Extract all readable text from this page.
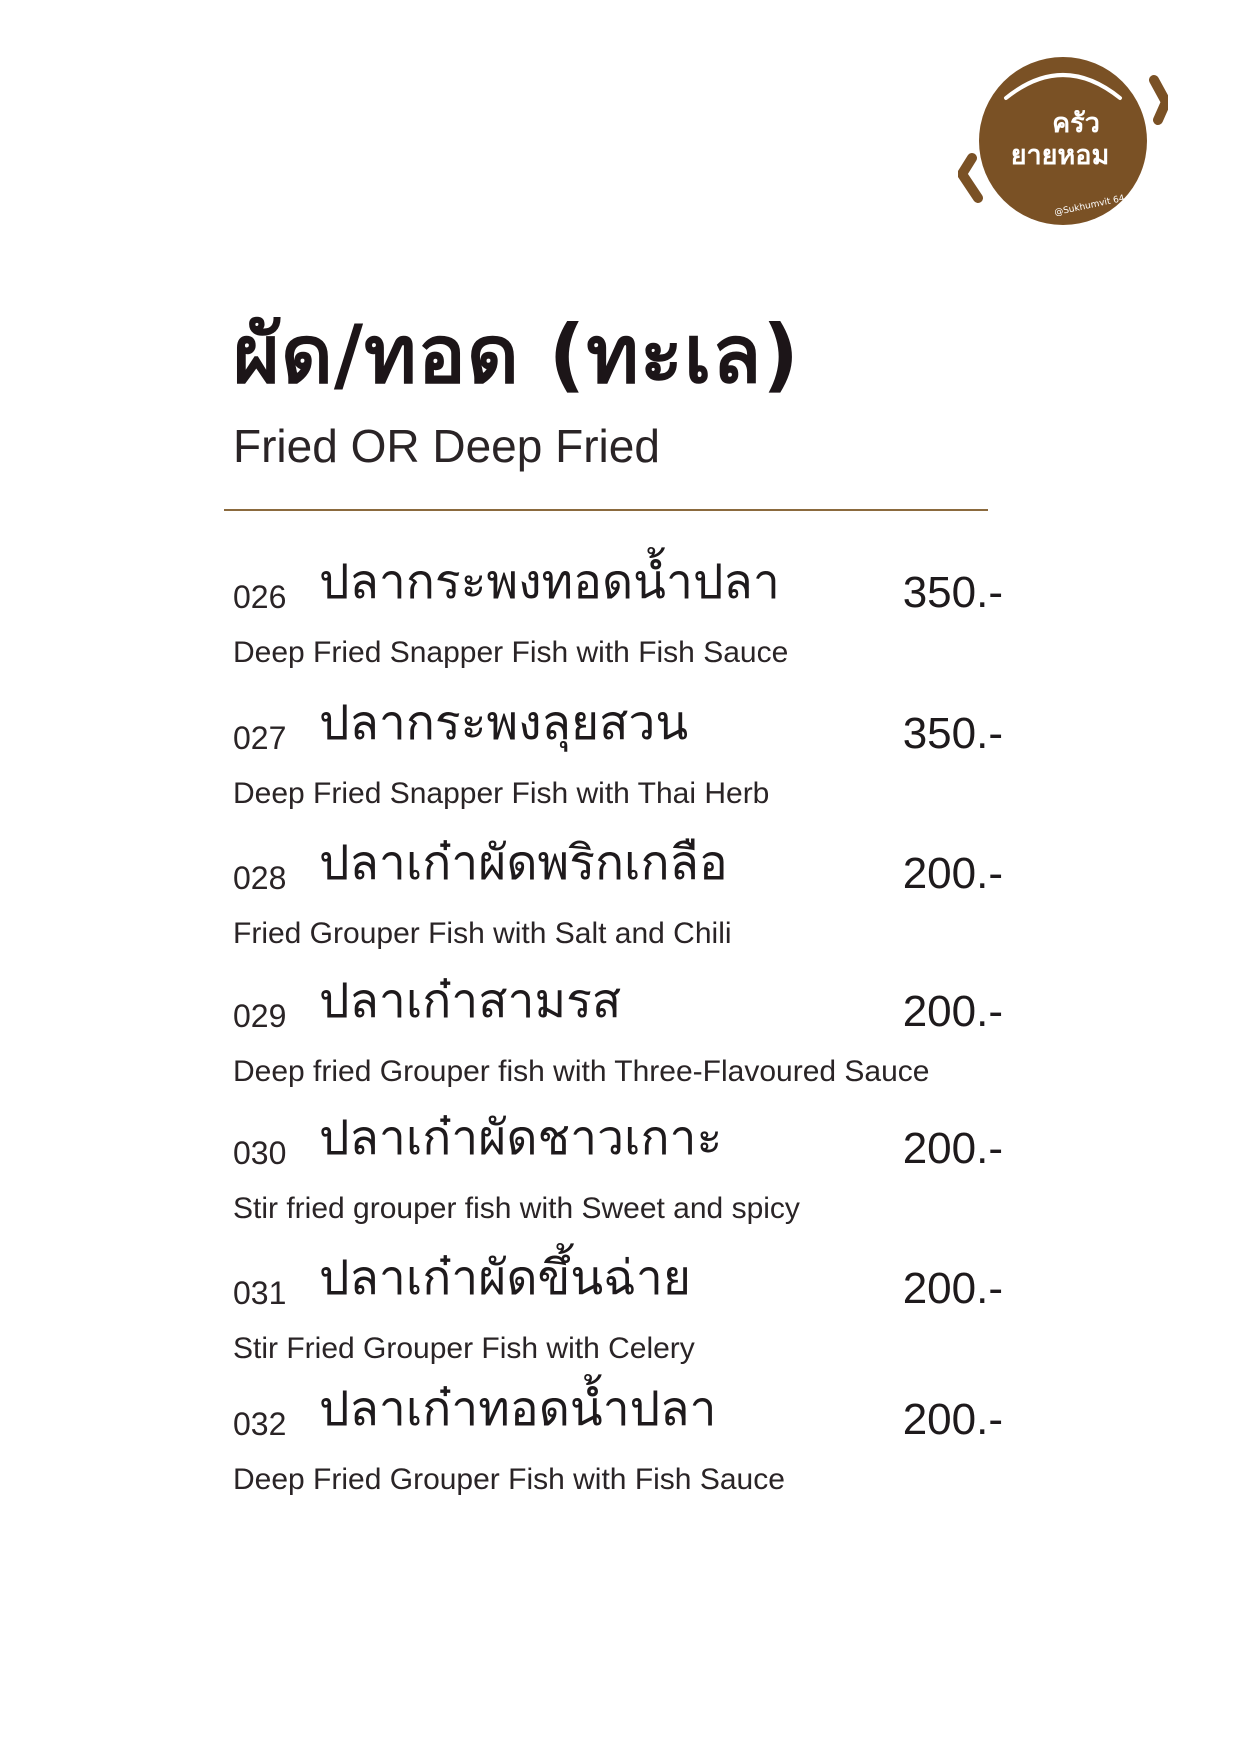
ครัว
ยายหอม
@Sukhumvit 64
ผัด/ทอด (ทะเล)
Fried OR Deep Fried
026 ปลากระพงทอดน้ำปลา	350.-
Deep Fried Snapper Fish with Fish Sauce
027 ปลากระพงลุยสวน	350.-
Deep Fried Snapper Fish with Thai Herb
028 ปลาเก๋าผัดพริกเกลือ	200.-
Fried Grouper Fish with Salt and Chili
029 ปลาเก๋าสามรส	200.-
Deep fried Grouper fish with Three-Flavoured Sauce
030 ปลาเก๋าผัดชาวเกาะ	200.-
Stir fried grouper fish with Sweet and spicy
031 ปลาเก๋าผัดขึ้นฉ่าย	200.-
Stir Fried Grouper Fish with Celery
032 ปลาเก๋าทอดน้ำปลา	200.-
Deep Fried Grouper Fish with Fish Sauce
